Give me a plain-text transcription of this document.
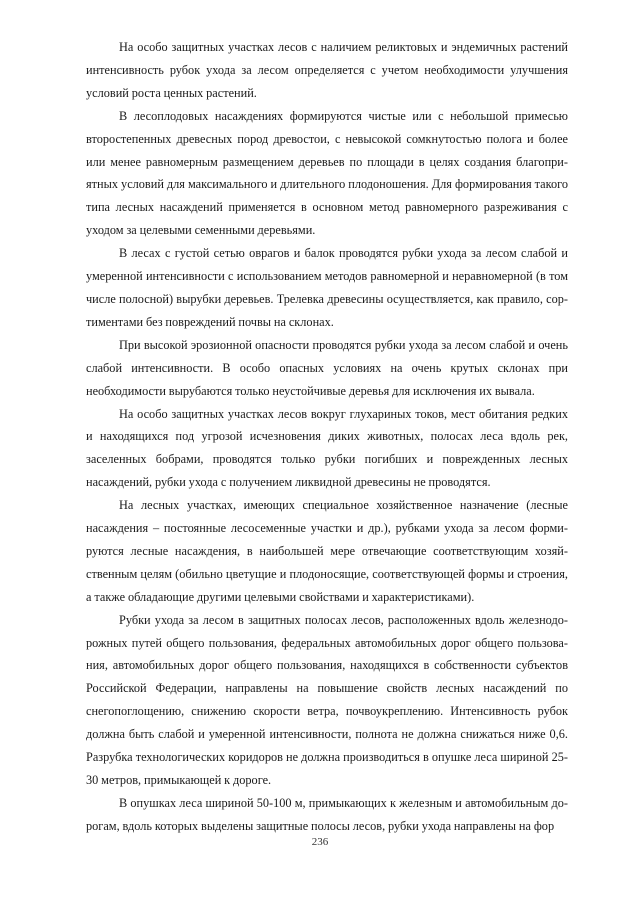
На особо защитных участках лесов с наличием реликтовых и эндемичных растений интенсивность рубок ухода за лесом определяется с учетом необходимости улучшения условий роста ценных растений.

В лесоплодовых насаждениях формируются чистые или с небольшой примесью второстепенных древесных пород древостои, с невысокой сомкнутостью полога и более или менее равномерным размещением деревьев по площади в целях создания благоприятных условий для максимального и длительного плодоношения. Для формирования такого типа лесных насаждений применяется в основном метод равномерного разреживания с уходом за целевыми семенными деревьями.

В лесах с густой сетью оврагов и балок проводятся рубки ухода за лесом слабой и умеренной интенсивности с использованием методов равномерной и неравномерной (в том числе полосной) вырубки деревьев. Трелевка древесины осуществляется, как правило, сортиментами без повреждений почвы на склонах.

При высокой эрозионной опасности проводятся рубки ухода за лесом слабой и очень слабой интенсивности. В особо опасных условиях на очень крутых склонах при необходимости вырубаются только неустойчивые деревья для исключения их вывала.

На особо защитных участках лесов вокруг глухариных токов, мест обитания редких и находящихся под угрозой исчезновения диких животных, полосах леса вдоль рек, заселенных бобрами, проводятся только рубки погибших и поврежденных лесных насаждений, рубки ухода с получением ликвидной древесины не проводятся.

На лесных участках, имеющих специальное хозяйственное назначение (лесные насаждения – постоянные лесосеменные участки и др.), рубками ухода за лесом формируются лесные насаждения, в наибольшей мере отвечающие соответствующим хозяйственным целям (обильно цветущие и плодоносящие, соответствующей формы и строения, а также обладающие другими целевыми свойствами и характеристиками).

Рубки ухода за лесом в защитных полосах лесов, расположенных вдоль железнодорожных путей общего пользования, федеральных автомобильных дорог общего пользования, автомобильных дорог общего пользования, находящихся в собственности субъектов Российской Федерации, направлены на повышение свойств лесных насаждений по снегопоглощению, снижению скорости ветра, почвоукреплению. Интенсивность рубок должна быть слабой и умеренной интенсивности, полнота не должна снижаться ниже 0,6. Разрубка технологических коридоров не должна производиться в опушке леса шириной 25-30 метров, примыкающей к дороге.

В опушках леса шириной 50-100 м, примыкающих к железным и автомобильным дорогам, вдоль которых выделены защитные полосы лесов, рубки ухода направлены на фор

236
